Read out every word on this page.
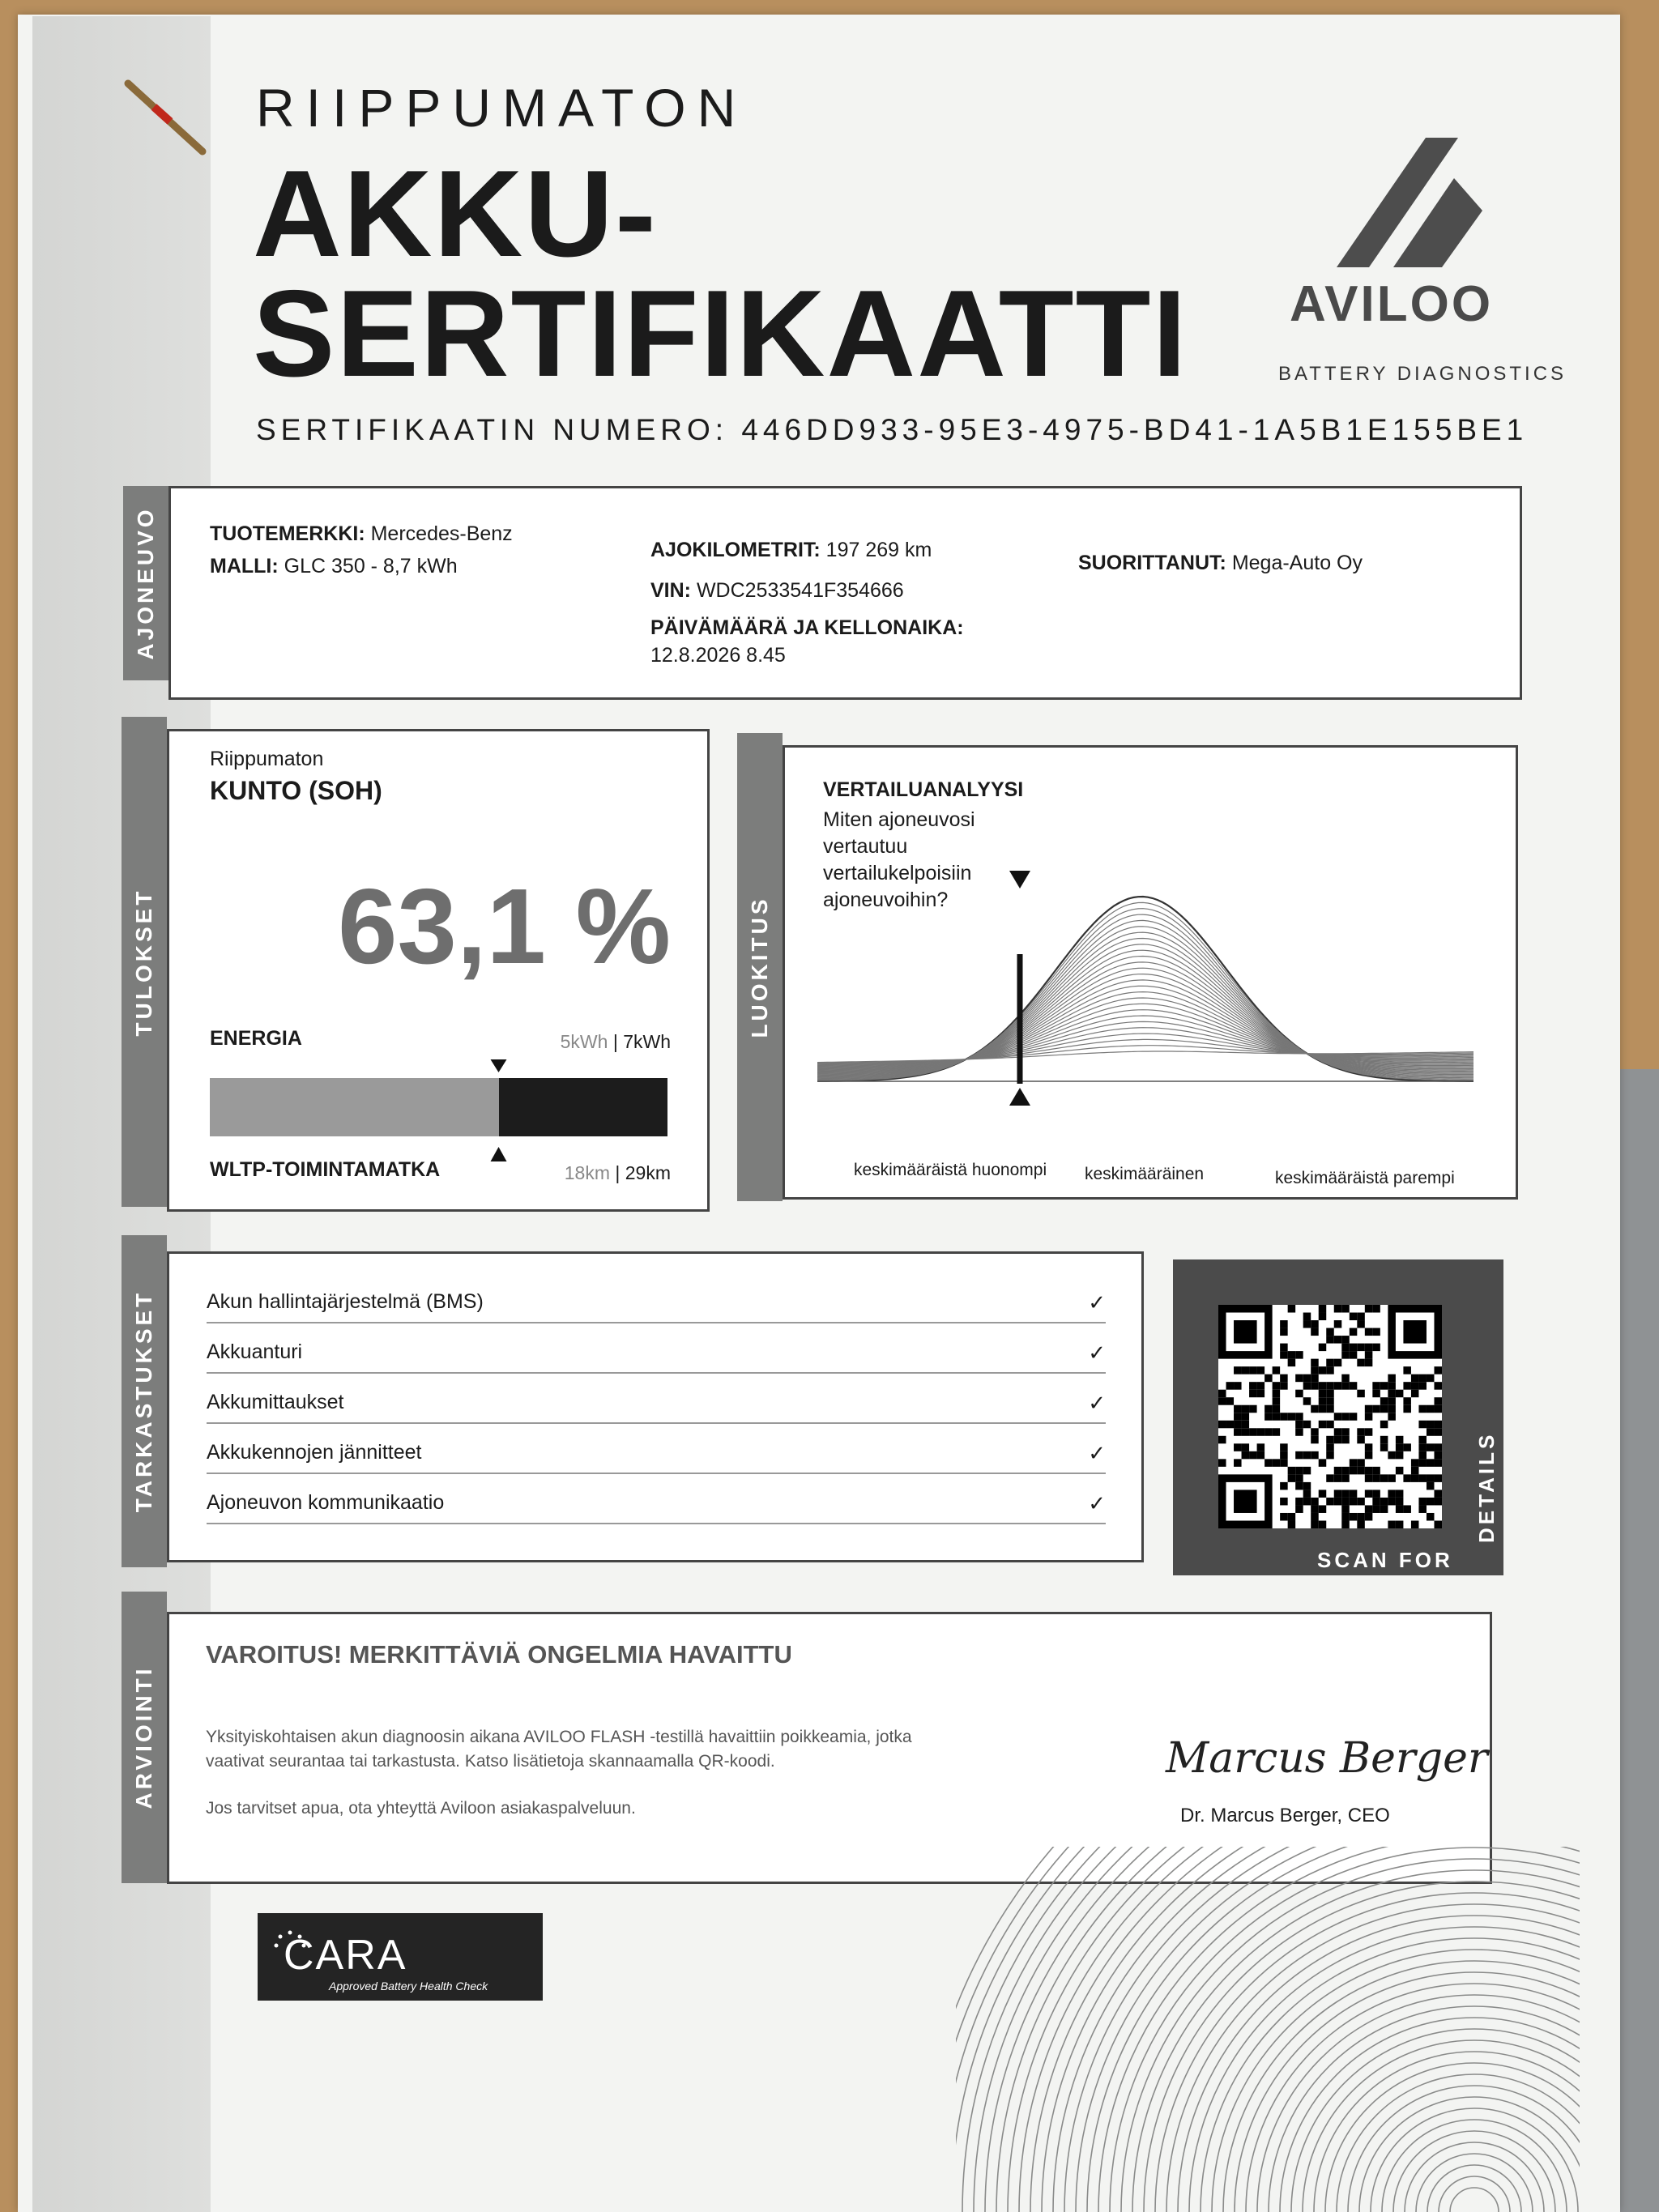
RIIPPUMATON
AKKU-
SERTIFIKAATTI
SERTIFIKAATIN NUMERO: 446DD933-95E3-4975-BD41-1A5B1E155BE1
AVILOO
BATTERY DIAGNOSTICS
AJONEUVO	TUOTEMERKKI: Mercedes-Benz
MALLI: GLC 350 - 8,7 kWh
AJOKILOMETRIT: 197 269 km
VIN: WDC2533541F354666
PÄIVÄMÄÄRÄ JA KELLONAIKA:
12.8.2026 8.45
SUORITTANUT: Mega-Auto Oy
TULOKSET
Riippumaton
KUNTO (SOH)
63,1 %
ENERGIA	5kWh | 7kWh
WLTP-TOIMINTAMATKA	18km | 29km
LUOKITUS
VERTAILUANALYYSI
Miten ajoneuvosi
vertautuu
vertailukelpoisiin
ajoneuvoihin?
keskimääräistä huonompi keskimääräinen	keskimääräistä parempi
TARKASTUKSET Akun hallintajärjestelmä (BMS)	✓
Akkuanturi	✓
Akkumittaukset	✓
Akkukennojen jännitteet	✓
Ajoneuvon kommunikaatio	✓
SCAN FOR
DETAILS
ARVIOINTI
VAROITUS! MERKITTÄVIÄ ONGELMIA HAVAITTU
Yksityiskohtaisen akun diagnoosin aikana AVILOO FLASH -testillä havaittiin poikkeamia, jotka
vaativat seurantaa tai tarkastusta. Katso lisätietoja skannaamalla QR-koodi.
Jos tarvitset apua, ota yhteyttä Aviloon asiakaspalveluun.
Marcus Berger
Dr. Marcus Berger, CEO
CARA
Approved Battery Health Check
